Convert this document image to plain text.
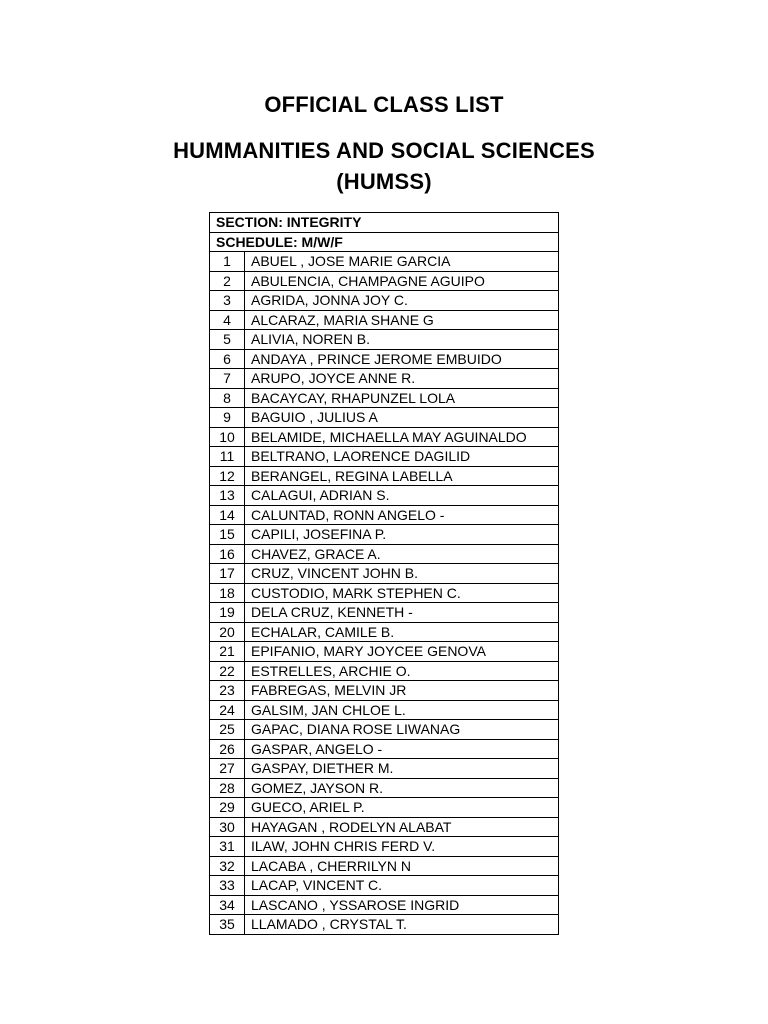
OFFICIAL CLASS LIST
HUMMANITIES AND SOCIAL SCIENCES
(HUMSS)
SECTION: INTEGRITY	
SCHEDULE: M/W/F	
1	ABUEL , JOSE MARIE GARCIA
2	ABULENCIA, CHAMPAGNE AGUIPO
3	AGRIDA, JONNA JOY C.
4	ALCARAZ, MARIA SHANE G
5	ALIVIA, NOREN B.
6	ANDAYA , PRINCE JEROME EMBUIDO
7	ARUPO, JOYCE ANNE R.
8	BACAYCAY, RHAPUNZEL LOLA
9	BAGUIO , JULIUS A
10	BELAMIDE, MICHAELLA MAY AGUINALDO
11	BELTRANO, LAORENCE DAGILID
12	BERANGEL, REGINA LABELLA
13	CALAGUI, ADRIAN S.
14	CALUNTAD, RONN ANGELO -
15	CAPILI, JOSEFINA P.
16	CHAVEZ, GRACE A.
17	CRUZ, VINCENT JOHN B.
18	CUSTODIO, MARK STEPHEN C.
19	DELA CRUZ, KENNETH -
20	ECHALAR, CAMILE B.
21	EPIFANIO, MARY JOYCEE GENOVA
22	ESTRELLES, ARCHIE O.
23	FABREGAS, MELVIN JR
24	GALSIM, JAN CHLOE L.
25	GAPAC, DIANA ROSE LIWANAG
26	GASPAR, ANGELO -
27	GASPAY, DIETHER M.
28	GOMEZ, JAYSON R.
29	GUECO, ARIEL P.
30	HAYAGAN , RODELYN ALABAT
31	ILAW, JOHN CHRIS FERD V.
32	LACABA , CHERRILYN N
33	LACAP, VINCENT C.
34	LASCANO , YSSAROSE INGRID
35	LLAMADO , CRYSTAL T.
